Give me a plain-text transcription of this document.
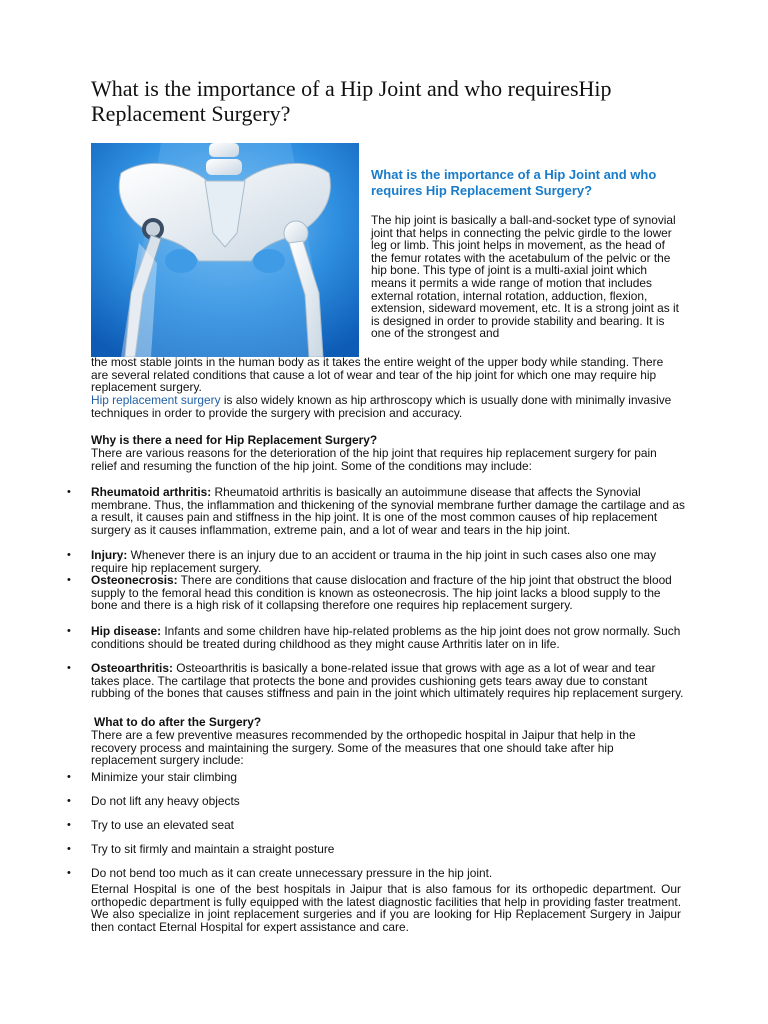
What is the importance of a Hip Joint and who requiresHip Replacement Surgery?
What is the importance of a Hip Joint and who requires Hip Replacement Surgery?

The hip joint is basically a ball-and-socket type of synovial joint that helps in connecting the pelvic girdle to the lower leg or limb. This joint helps in movement, as the head of the femur rotates with the acetabulum of the pelvic or the hip bone. This type of joint is a multi-axial joint which means it permits a wide range of motion that includes external rotation, internal rotation, adduction, flexion, extension, sideward movement, etc. It is a strong joint as it is designed in order to provide stability and bearing. It is one of the strongest and

the most stable joints in the human body as it takes the entire weight of the upper body while standing. There are several related conditions that cause a lot of wear and tear of the hip joint for which one may require hip replacement surgery.

Hip replacement surgery is also widely known as hip arthroscopy which is usually done with minimally invasive techniques in order to provide the surgery with precision and accuracy.

Why is there a need for Hip Replacement Surgery?

There are various reasons for the deterioration of the hip joint that requires hip replacement surgery for pain relief and resuming the function of the hip joint. Some of the conditions may include:

• Rheumatoid arthritis: Rheumatoid arthritis is basically an autoimmune disease that affects the Synovial membrane. Thus, the inflammation and thickening of the synovial membrane further damage the cartilage and as a result, it causes pain and stiffness in the hip joint. It is one of the most common causes of hip replacement surgery as it causes inflammation, extreme pain, and a lot of wear and tears in the hip joint.
• Injury: Whenever there is an injury due to an accident or trauma in the hip joint in such cases also one may require hip replacement surgery.
• Osteonecrosis: There are conditions that cause dislocation and fracture of the hip joint that obstruct the blood supply to the femoral head this condition is known as osteonecrosis. The hip joint lacks a blood supply to the bone and there is a high risk of it collapsing therefore one requires hip replacement surgery.
• Hip disease: Infants and some children have hip-related problems as the hip joint does not grow normally. Such conditions should be treated during childhood as they might cause Arthritis later on in life.
• Osteoarthritis: Osteoarthritis is basically a bone-related issue that grows with age as a lot of wear and tear takes place. The cartilage that protects the bone and provides cushioning gets tears away due to constant rubbing of the bones that causes stiffness and pain in the joint which ultimately requires hip replacement surgery.

What to do after the Surgery?

There are a few preventive measures recommended by the orthopedic hospital in Jaipur that help in the recovery process and maintaining the surgery. Some of the measures that one should take after hip replacement surgery include:

• Minimize your stair climbing
• Do not lift any heavy objects
• Try to use an elevated seat
• Try to sit firmly and maintain a straight posture
• Do not bend too much as it can create unnecessary pressure in the hip joint.

Eternal Hospital is one of the best hospitals in Jaipur that is also famous for its orthopedic department. Our orthopedic department is fully equipped with the latest diagnostic facilities that help in providing faster treatment. We also specialize in joint replacement surgeries and if you are looking for Hip Replacement Surgery in Jaipur then contact Eternal Hospital for expert assistance and care.
